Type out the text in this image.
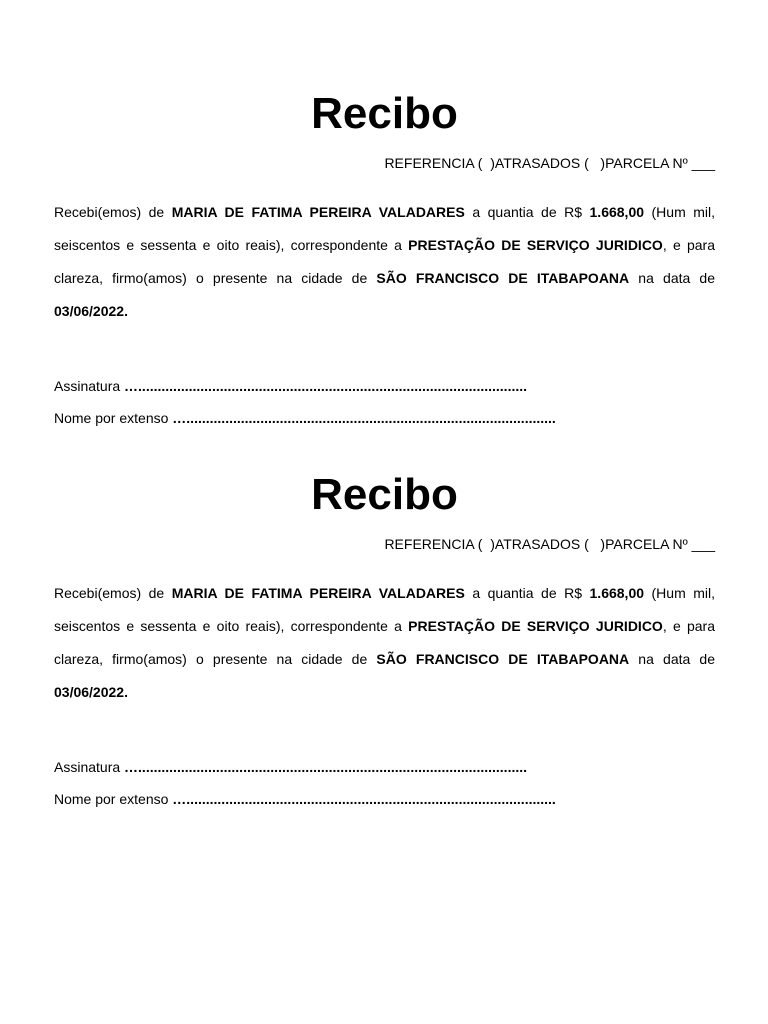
Recibo
REFERENCIA (  )ATRASADOS (   )PARCELA Nº ___

Recebi(emos) de MARIA DE FATIMA PEREIRA VALADARES a quantia de R$ 1.668,00 (Hum mil, seiscentos e sessenta e oito reais), correspondente a PRESTAÇÃO DE SERVIÇO JURIDICO, e para clareza, firmo(amos) o presente na cidade de SÃO FRANCISCO DE ITABAPOANA na data de 03/06/2022.

Assinatura …....................................................................................................
Nome por extenso …...............................................................................................
Recibo
REFERENCIA (  )ATRASADOS (   )PARCELA Nº ___

Recebi(emos) de MARIA DE FATIMA PEREIRA VALADARES a quantia de R$ 1.668,00 (Hum mil, seiscentos e sessenta e oito reais), correspondente a PRESTAÇÃO DE SERVIÇO JURIDICO, e para clareza, firmo(amos) o presente na cidade de SÃO FRANCISCO DE ITABAPOANA na data de 03/06/2022.

Assinatura …....................................................................................................
Nome por extenso …...............................................................................................
